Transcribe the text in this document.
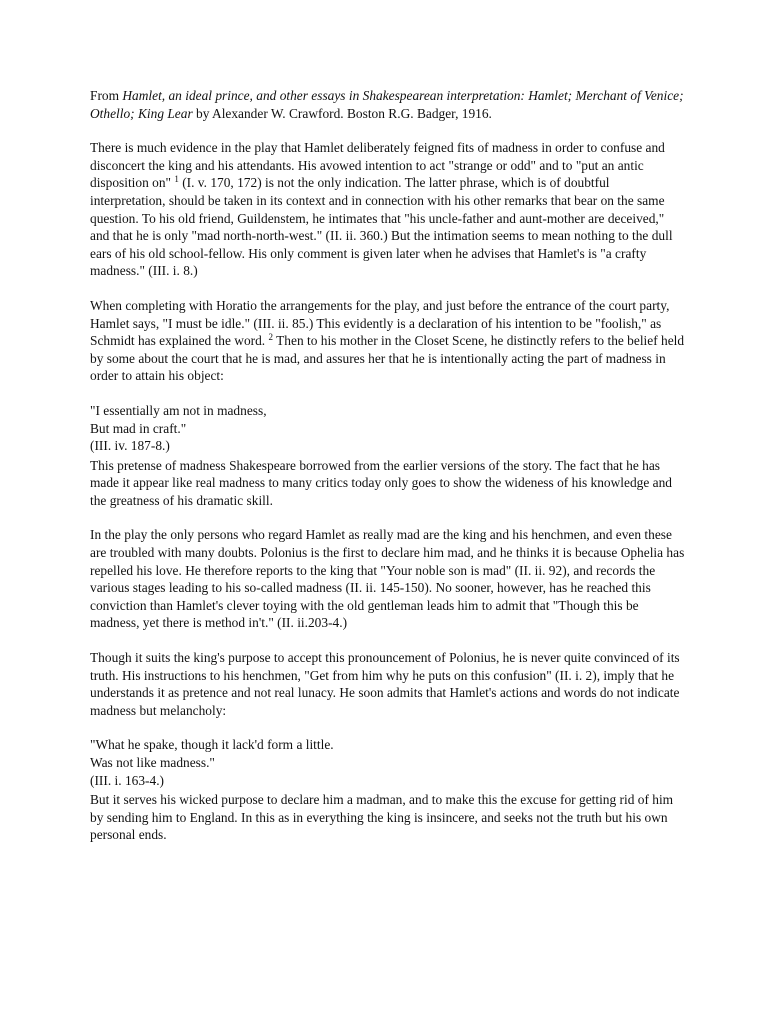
From Hamlet, an ideal prince, and other essays in Shakespearean interpretation: Hamlet; Merchant of Venice; Othello; King Lear by Alexander W. Crawford. Boston R.G. Badger, 1916.

There is much evidence in the play that Hamlet deliberately feigned fits of madness in order to confuse and disconcert the king and his attendants. His avowed intention to act "strange or odd" and to "put an antic disposition on" $^1$ (I. v. 170, 172) is not the only indication. The latter phrase, which is of doubtful interpretation, should be taken in its context and in connection with his other remarks that bear on the same question. To his old friend, Guildenstem, he intimates that "his uncle-father and aunt-mother are deceived," and that he is only "mad north-north-west." (II. ii. 360.) But the intimation seems to mean nothing to the dull ears of his old school-fellow. His only comment is given later when he advises that Hamlet's is "a crafty madness." (III. i. 8.)

When completing with Horatio the arrangements for the play, and just before the entrance of the court party, Hamlet says, "I must be idle." (III. ii. 85.) This evidently is a declaration of his intention to be "foolish," as Schmidt has explained the word. $^2$ Then to his mother in the Closet Scene, he distinctly refers to the belief held by some about the court that he is mad, and assures her that he is intentionally acting the part of madness in order to attain his object:

"I essentially am not in madness,
But mad in craft."
(III. iv. 187-8.)

This pretense of madness Shakespeare borrowed from the earlier versions of the story. The fact that he has made it appear like real madness to many critics today only goes to show the wideness of his knowledge and the greatness of his dramatic skill.

In the play the only persons who regard Hamlet as really mad are the king and his henchmen, and even these are troubled with many doubts. Polonius is the first to declare him mad, and he thinks it is because Ophelia has repelled his love. He therefore reports to the king that "Your noble son is mad" (II. ii. 92), and records the various stages leading to his so-called madness (II. ii. 145-150). No sooner, however, has he reached this conviction than Hamlet's clever toying with the old gentleman leads him to admit that "Though this be madness, yet there is method in't." (II. ii.203-4.)

Though it suits the king's purpose to accept this pronouncement of Polonius, he is never quite convinced of its truth. His instructions to his henchmen, "Get from him why he puts on this confusion" (II. i. 2), imply that he understands it as pretence and not real lunacy. He soon admits that Hamlet's actions and words do not indicate madness but melancholy:

"What he spake, though it lack'd form a little.
Was not like madness."
(III. i. 163-4.)

But it serves his wicked purpose to declare him a madman, and to make this the excuse for getting rid of him by sending him to England. In this as in everything the king is insincere, and seeks not the truth but his own personal ends.
